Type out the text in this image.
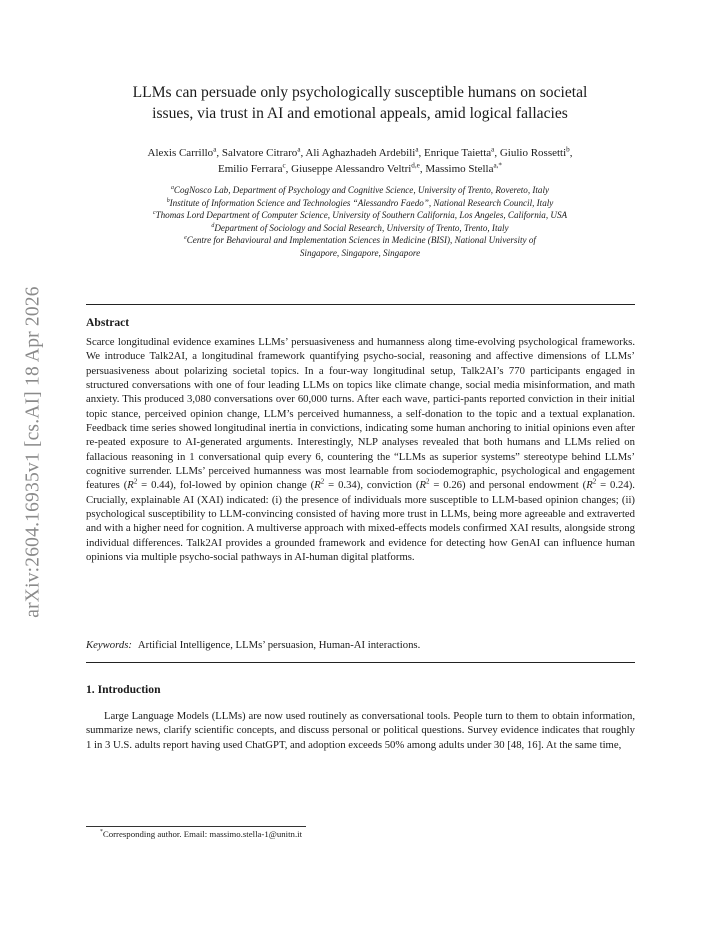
arXiv:2604.16935v1 [cs.AI] 18 Apr 2026
LLMs can persuade only psychologically susceptible humans on societal
issues, via trust in AI and emotional appeals, amid logical fallacies
Alexis Carrillo$^a$, Salvatore Citraro$^a$, Ali Aghazhadeh Ardebili$^a$, Enrique Taietta$^a$, Giulio Rossetti$^b$,
Emilio Ferrara$^c$, Giuseppe Alessandro Veltri$^{d,e}$, Massimo Stella$^{a,*}$
$^a$CogNosco Lab, Department of Psychology and Cognitive Science, University of Trento, Rovereto, Italy
$^b$Institute of Information Science and Technologies “Alessandro Faedo”, National Research Council, Italy
$^c$Thomas Lord Department of Computer Science, University of Southern California, Los Angeles, California, USA
$^d$Department of Sociology and Social Research, University of Trento, Trento, Italy
$^e$Centre for Behavioural and Implementation Sciences in Medicine (BISI), National University of
Singapore, Singapore, Singapore
Abstract
Scarce longitudinal evidence examines LLMs’ persuasiveness and humanness along time-evolving psychological frameworks. We introduce Talk2AI, a longitudinal framework quantifying psycho-social, reasoning and affective dimensions of LLMs’ persuasiveness about polarizing societal topics. In a four-way longitudinal setup, Talk2AI’s 770 participants engaged in structured conversations with one of four leading LLMs on topics like climate change, social media misinformation, and math anxiety. This produced 3,080 conversations over 60,000 turns. After each wave, partici-pants reported conviction in their initial topic stance, perceived opinion change, LLM’s perceived humanness, a self-donation to the topic and a textual explanation. Feedback time series showed longitudinal inertia in convictions, indicating some human anchoring to initial opinions even after re-peated exposure to AI-generated arguments. Interestingly, NLP analyses revealed that both humans and LLMs relied on fallacious reasoning in 1 conversational quip every 6, countering the “LLMs as superior systems” stereotype behind LLMs’ cognitive surrender. LLMs’ perceived humanness was most learnable from sociodemographic, psychological and engagement features $(R^2 = 0.44)$, fol-lowed by opinion change $(R^2 = 0.34)$, conviction $(R^2 = 0.26)$ and personal endowment $(R^2 = 0.24)$. Crucially, explainable AI (XAI) indicated: (i) the presence of individuals more susceptible to LLM-based opinion changes; (ii) psychological susceptibility to LLM-convincing consisted of having more trust in LLMs, being more agreeable and extraverted and with a higher need for cognition. A multiverse approach with mixed-effects models confirmed XAI results, alongside strong individual differences. Talk2AI provides a grounded framework and evidence for detecting how GenAI can influence human opinions via multiple psycho-social pathways in AI-human digital platforms.
Keywords: Artificial Intelligence, LLMs’ persuasion, Human-AI interactions.
1. Introduction
Large Language Models (LLMs) are now used routinely as conversational tools. People turn to them to obtain information, summarize news, clarify scientific concepts, and discuss personal or political questions. Survey evidence indicates that roughly 1 in 3 U.S. adults report having used ChatGPT, and adoption exceeds 50% among adults under 30 [48, 16]. At the same time,
*Corresponding author. Email: massimo.stella-1@unitn.it
